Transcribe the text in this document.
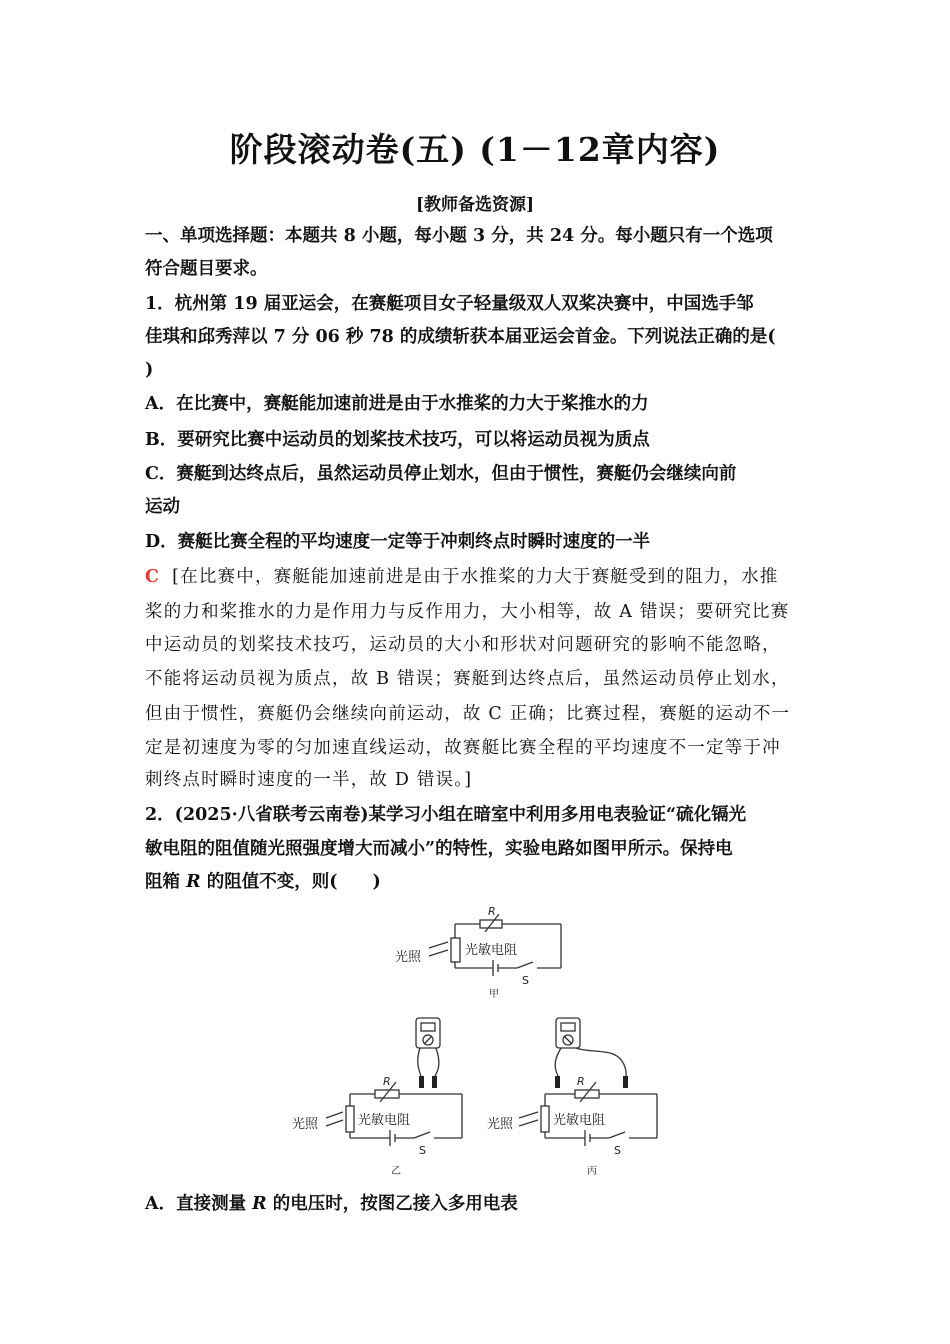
阶段滚动卷(五) (1－12章内容)
[教师备选资源]
一、单项选择题：本题共 8 小题，每小题 3 分，共 24 分。每小题只有一个选项
符合题目要求。
1．杭州第 19 届亚运会，在赛艇项目女子轻量级双人双桨决赛中，中国选手邹
佳琪和邱秀萍以 7 分 06 秒 78 的成绩斩获本届亚运会首金。下列说法正确的是(
)
A．在比赛中，赛艇能加速前进是由于水推桨的力大于桨推水的力
B．要研究比赛中运动员的划桨技术技巧，可以将运动员视为质点
C．赛艇到达终点后，虽然运动员停止划水，但由于惯性，赛艇仍会继续向前
运动
D．赛艇比赛全程的平均速度一定等于冲刺终点时瞬时速度的一半
C [在比赛中，赛艇能加速前进是由于水推桨的力大于赛艇受到的阻力，水推
桨的力和桨推水的力是作用力与反作用力，大小相等，故 A 错误；要研究比赛
中运动员的划桨技术技巧，运动员的大小和形状对问题研究的影响不能忽略，
不能将运动员视为质点，故 B 错误；赛艇到达终点后，虽然运动员停止划水，
但由于惯性，赛艇仍会继续向前运动，故 C 正确；比赛过程，赛艇的运动不一
定是初速度为零的匀加速直线运动，故赛艇比赛全程的平均速度不一定等于冲
刺终点时瞬时速度的一半，故 D 错误。]
2．(2025·八省联考云南卷)某学习小组在暗室中利用多用电表验证“硫化镉光
敏电阻的阻值随光照强度增大而减小”的特性，实验电路如图甲所示。保持电
阻箱 R 的阻值不变，则(　　)
R
光敏电阻
光照
S
甲
R
光敏电阻
光照
S
乙
R
光敏电阻
光照
S
丙
A．直接测量 R 的电压时，按图乙接入多用电表
